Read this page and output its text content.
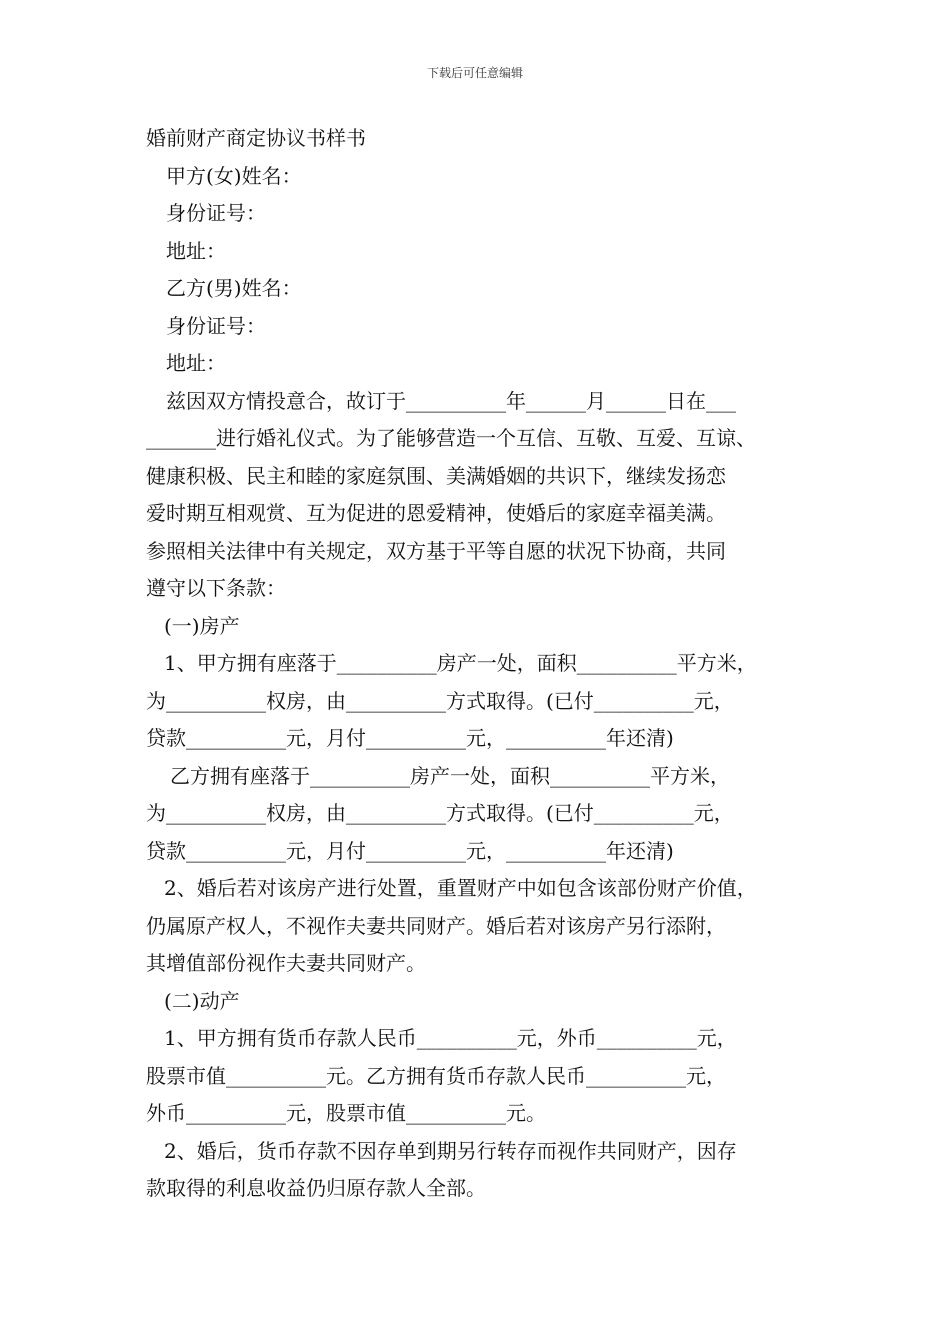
下载后可任意编辑
婚前财产商定协议书样书
甲方(女)姓名：
身份证号：
地址：
乙方(男)姓名：
身份证号：
地址：
兹因双方情投意合，故订于__________年______月______日在___
_______进行婚礼仪式。为了能够营造一个互信、互敬、互爱、互谅、
健康积极、民主和睦的家庭氛围、美满婚姻的共识下，继续发扬恋
爱时期互相观赏、互为促进的恩爱精神，使婚后的家庭幸福美满。
参照相关法律中有关规定，双方基于平等自愿的状况下协商，共同
遵守以下条款：
(一)房产
1、甲方拥有座落于__________房产一处，面积__________平方米，
为__________权房，由__________方式取得。(已付__________元，
贷款__________元，月付__________元，__________年还清)
乙方拥有座落于__________房产一处，面积__________平方米，
为__________权房，由__________方式取得。(已付__________元，
贷款__________元，月付__________元，__________年还清)
2、婚后若对该房产进行处置，重置财产中如包含该部份财产价值，
仍属原产权人，不视作夫妻共同财产。婚后若对该房产另行添附，
其增值部份视作夫妻共同财产。
(二)动产
1、甲方拥有货币存款人民币__________元，外币__________元，
股票市值__________元。乙方拥有货币存款人民币__________元，
外币__________元，股票市值__________元。
2、婚后，货币存款不因存单到期另行转存而视作共同财产，因存
款取得的利息收益仍归原存款人全部。
